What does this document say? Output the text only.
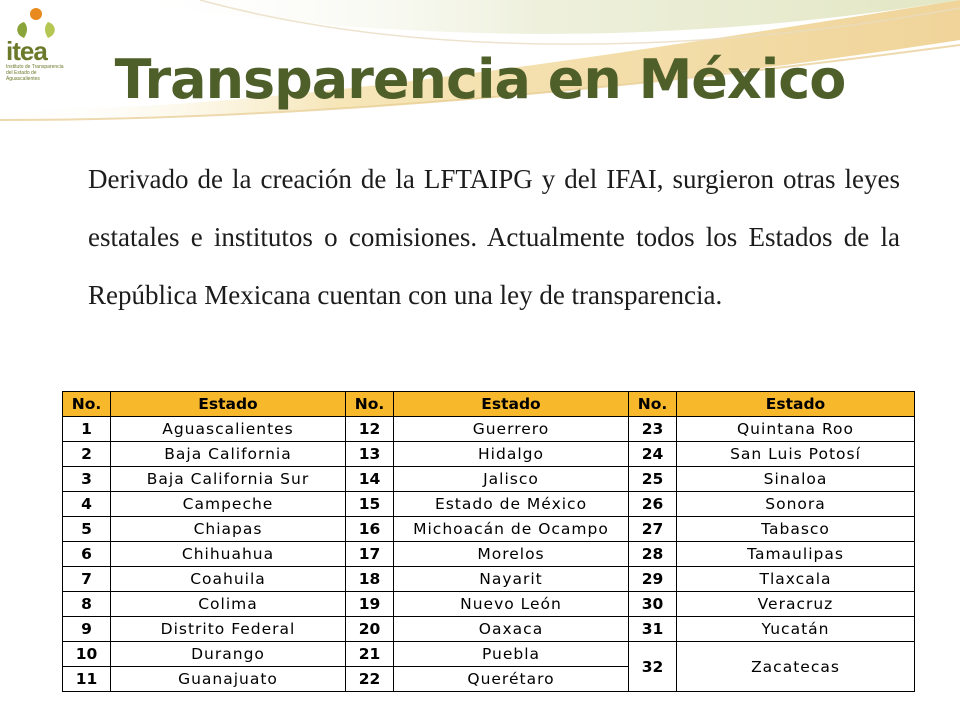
itea
Instituto de Transparencia del Estado de Aguascalientes	Transparencia en México
Derivado de la creación de la LFTAIPG y del IFAI, surgieron otras leyes estatales e institutos o comisiones. Actualmente todos los Estados de la República Mexicana cuentan con una ley de transparencia.
No.	Estado	No.	Estado	No.	Estado
1	Aguascalientes	12	Guerrero	23	Quintana Roo
2	Baja California	13	Hidalgo	24	San Luis Potosí
3	Baja California Sur	14	Jalisco	25	Sinaloa
4	Campeche	15	Estado de México	26	Sonora
5	Chiapas	16	Michoacán de Ocampo	27	Tabasco
6	Chihuahua	17	Morelos	28	Tamaulipas
7	Coahuila	18	Nayarit	29	Tlaxcala
8	Colima	19	Nuevo León	30	Veracruz
9	Distrito Federal	20	Oaxaca	31	Yucatán
10	Durango	21	Puebla	32	Zacatecas
11	Guanajuato	22	Querétaro		
